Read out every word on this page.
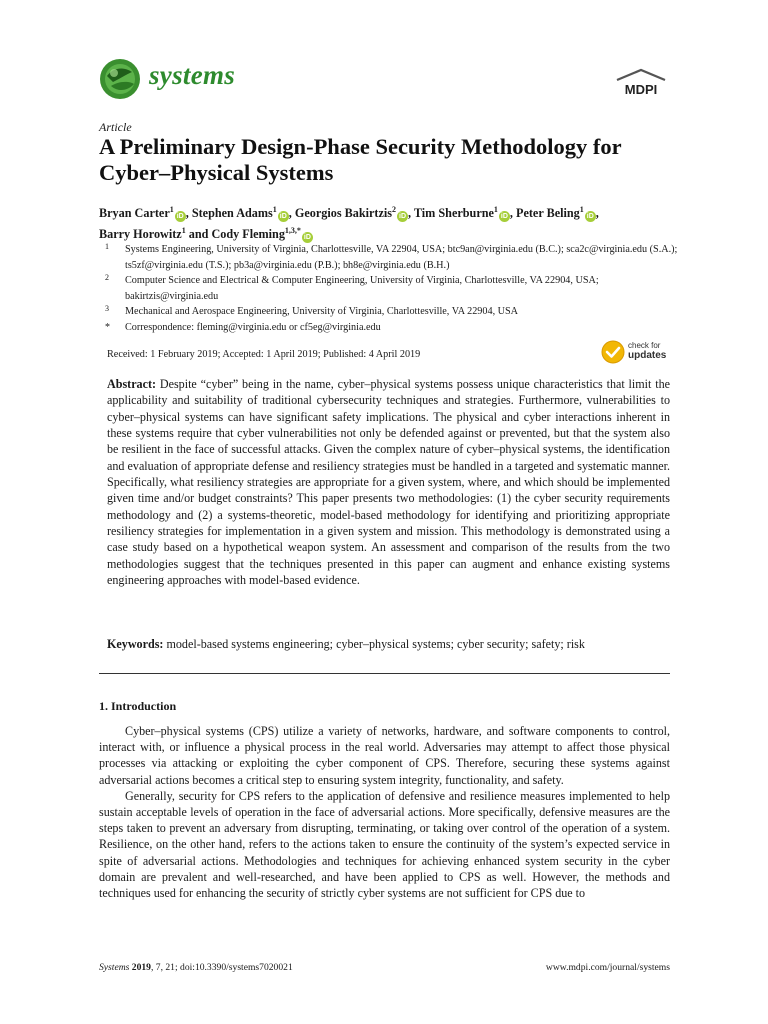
systems	MDPI
Article
A Preliminary Design-Phase Security Methodology for Cyber–Physical Systems
Bryan Carter$^1$iD , Stephen Adams$^1$iD , Georgios Bakirtzis$^2$iD , Tim Sherburne$^1$iD , Peter Beling$^1$iD ,
Barry Horowitz$^1$ and Cody Fleming$^{1,3,*}$iD
1 Systems Engineering, University of Virginia, Charlottesville, VA 22904, USA; btc9an@virginia.edu (B.C.); sca2c@virginia.edu (S.A.); ts5zf@virginia.edu (T.S.); pb3a@virginia.edu (P.B.); bh8e@virginia.edu (B.H.)
2 Computer Science and Electrical & Computer Engineering, University of Virginia, Charlottesville, VA 22904, USA; bakirtzis@virginia.edu
3 Mechanical and Aerospace Engineering, University of Virginia, Charlottesville, VA 22904, USA
* Correspondence: fleming@virginia.edu or cf5eg@virginia.edu
Received: 1 February 2019; Accepted: 1 April 2019; Published: 4 April 2019
check for
updates
Abstract: Despite “cyber” being in the name, cyber–physical systems possess unique characteristics that limit the applicability and suitability of traditional cybersecurity techniques and strategies. Furthermore, vulnerabilities to cyber–physical systems can have significant safety implications. The physical and cyber interactions inherent in these systems require that cyber vulnerabilities not only be defended against or prevented, but that the system also be resilient in the face of successful attacks. Given the complex nature of cyber–physical systems, the identification and evaluation of appropriate defense and resiliency strategies must be handled in a targeted and systematic manner. Specifically, what resiliency strategies are appropriate for a given system, where, and which should be implemented given time and/or budget constraints? This paper presents two methodologies: (1) the cyber security requirements methodology and (2) a systems-theoretic, model-based methodology for identifying and prioritizing appropriate resiliency strategies for implementation in a given system and mission. This methodology is demonstrated using a case study based on a hypothetical weapon system. An assessment and comparison of the results from the two methodologies suggest that the techniques presented in this paper can augment and enhance existing systems engineering approaches with model-based evidence.
Keywords: model-based systems engineering; cyber–physical systems; cyber security; safety; risk
1. Introduction

Cyber–physical systems (CPS) utilize a variety of networks, hardware, and software components to control, interact with, or influence a physical process in the real world. Adversaries may attempt to affect those physical processes via attacking or exploiting the cyber component of CPS. Therefore, securing these systems against adversarial actions becomes a critical step to ensuring system integrity, functionality, and safety.

Generally, security for CPS refers to the application of defensive and resilience measures implemented to help sustain acceptable levels of operation in the face of adversarial actions. More specifically, defensive measures are the steps taken to prevent an adversary from disrupting, terminating, or taking over control of the operation of a system. Resilience, on the other hand, refers to the actions taken to ensure the continuity of the system’s expected service in spite of adversarial actions. Methodologies and techniques for achieving enhanced system security in the cyber domain are prevalent and well-researched, and have been applied to CPS as well. However, the methods and techniques used for enhancing the security of strictly cyber systems are not sufficient for CPS due to

Systems 2019, 7, 21; doi:10.3390/systems7020021	www.mdpi.com/journal/systems
